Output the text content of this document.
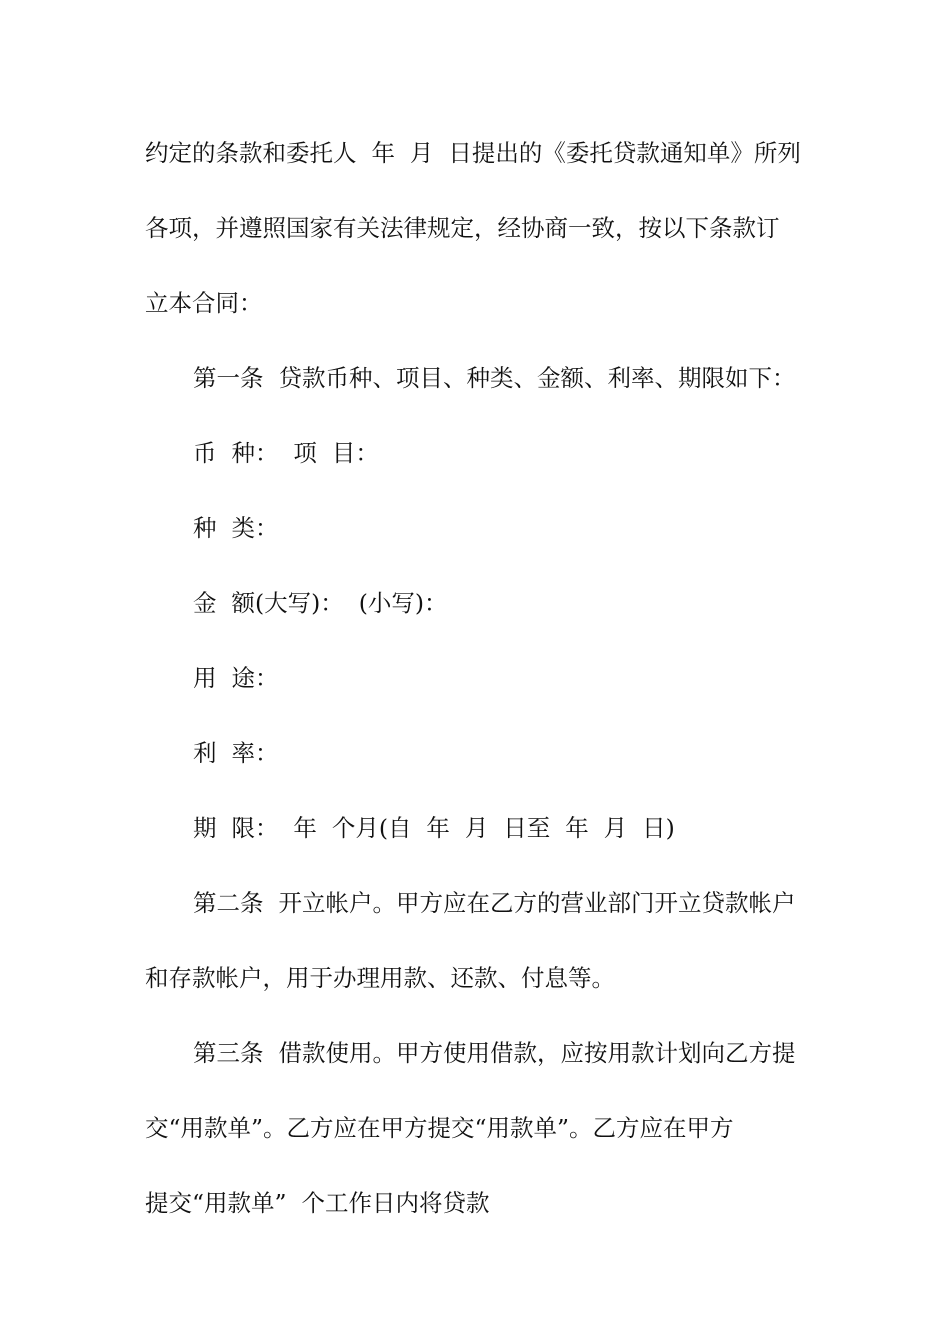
约定的条款和委托人  年  月  日提出的《委托贷款通知单》所列
各项，并遵照国家有关法律规定，经协商一致，按以下条款订
立本合同：
第一条  贷款币种、项目、种类、金额、利率、期限如下：
币  种：  项  目：
种  类：
金  额(大写)：  (小写)：
用  途：
利  率：
期  限：  年  个月(自  年  月  日至  年  月  日)
第二条  开立帐户。甲方应在乙方的营业部门开立贷款帐户
和存款帐户，用于办理用款、还款、付息等。
第三条  借款使用。甲方使用借款，应按用款计划向乙方提
交“用款单”。乙方应在甲方提交“用款单”。乙方应在甲方
提交“用款单”  个工作日内将贷款
